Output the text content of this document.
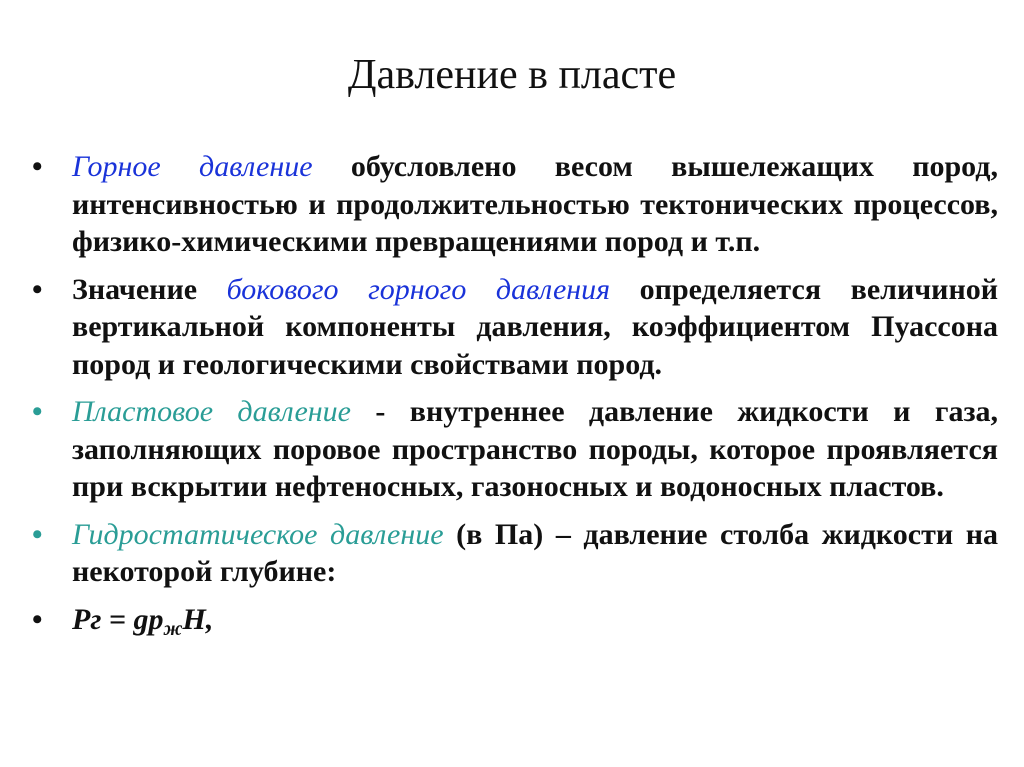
Давление в пласте
• Горное давление обусловлено весом вышележащих пород, интенсивностью и продолжительностью тектонических процессов, физико-химическими превращениями пород и т.п.
• Значение бокового горного давления определяется величиной вертикальной компоненты давления, коэффициентом Пуассона пород и геологическими свойствами пород.
• Пластовое давление - внутреннее давление жидкости и газа, заполняющих поровое пространство породы, которое проявляется при вскрытии нефтеносных, газоносных и водоносных пластов.
• Гидростатическое давление (в Па) – давление столба жидкости на некоторой глубине:
• Рг = $gр_жН$,
